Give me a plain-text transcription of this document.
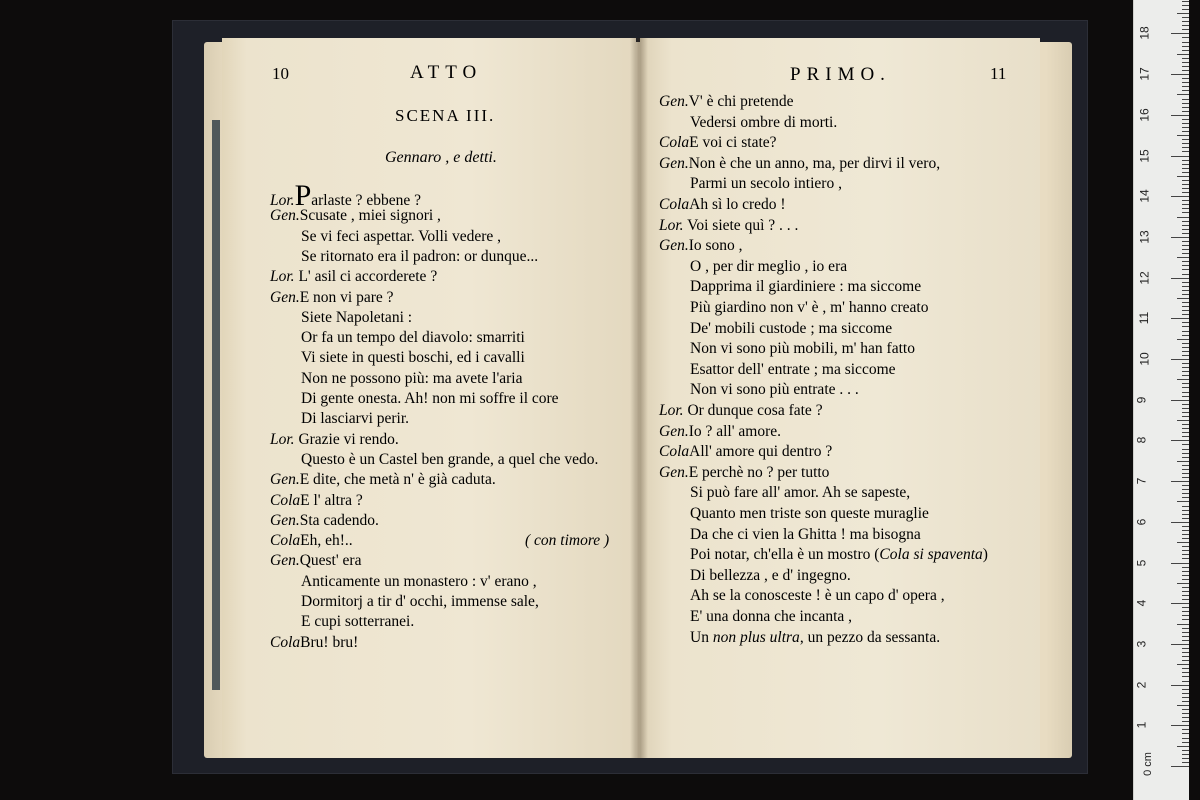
10	ATTO
SCENA III.
Gennaro , e detti.
Lor.Parlaste ? ebbene ?
Gen.Scusate , miei signori ,
Se vi feci aspettar. Volli vedere ,
Se ritornato era il padron: or dunque...
Lor. L' asil ci accorderete ?
Gen.E non vi pare ?
Siete Napoletani :
Or fa un tempo del diavolo: smarriti
Vi siete in questi boschi, ed i cavalli
Non ne possono più: ma avete l'aria
Di gente onesta. Ah! non mi soffre il core
Di lasciarvi perir.
Lor. Grazie vi rendo.
Questo è un Castel ben grande, a quel che vedo.
Gen.E dite, che metà n' è già caduta.
ColaE l' altra ?
Gen.Sta cadendo.
ColaEh, eh!..	( con timore )
Gen.Quest' era
Anticamente un monastero : v' erano ,
Dormitorj a tir d' occhi, immense sale,
E cupi sotterranei.
ColaBru! bru!
PRIMO.	11
Gen.V' è chi pretende
Vedersi ombre di morti.
ColaE voi ci state?
Gen.Non è che un anno, ma, per dirvi il vero,
Parmi un secolo intiero ,
ColaAh sì lo credo !
Lor. Voi siete quì ? . . .
Gen.Io sono ,
O , per dir meglio , io era
Dapprima il giardiniere : ma siccome
Più giardino non v' è , m' hanno creato
De' mobili custode ; ma siccome
Non vi sono più mobili, m' han fatto
Esattor dell' entrate ; ma siccome
Non vi sono più entrate . . .
Lor. Or dunque cosa fate ?
Gen.Io ? all' amore.
ColaAll' amore qui dentro ?
Gen.E perchè no ? per tutto
Si può fare all' amor. Ah se sapeste,
Quanto men triste son queste muraglie
Da che ci vien la Ghitta ! ma bisogna
Poi notar, ch'ella è un mostro (Cola si spaventa)
Di bellezza , e d' ingegno.
Ah se la conosceste ! è un capo d' opera ,
E' una donna che incanta ,
Un non plus ultra, un pezzo da sessanta.
0 cm
1
2
3
4
5
6
7
8
9
10
11
12
13
14
15
16
17
18
